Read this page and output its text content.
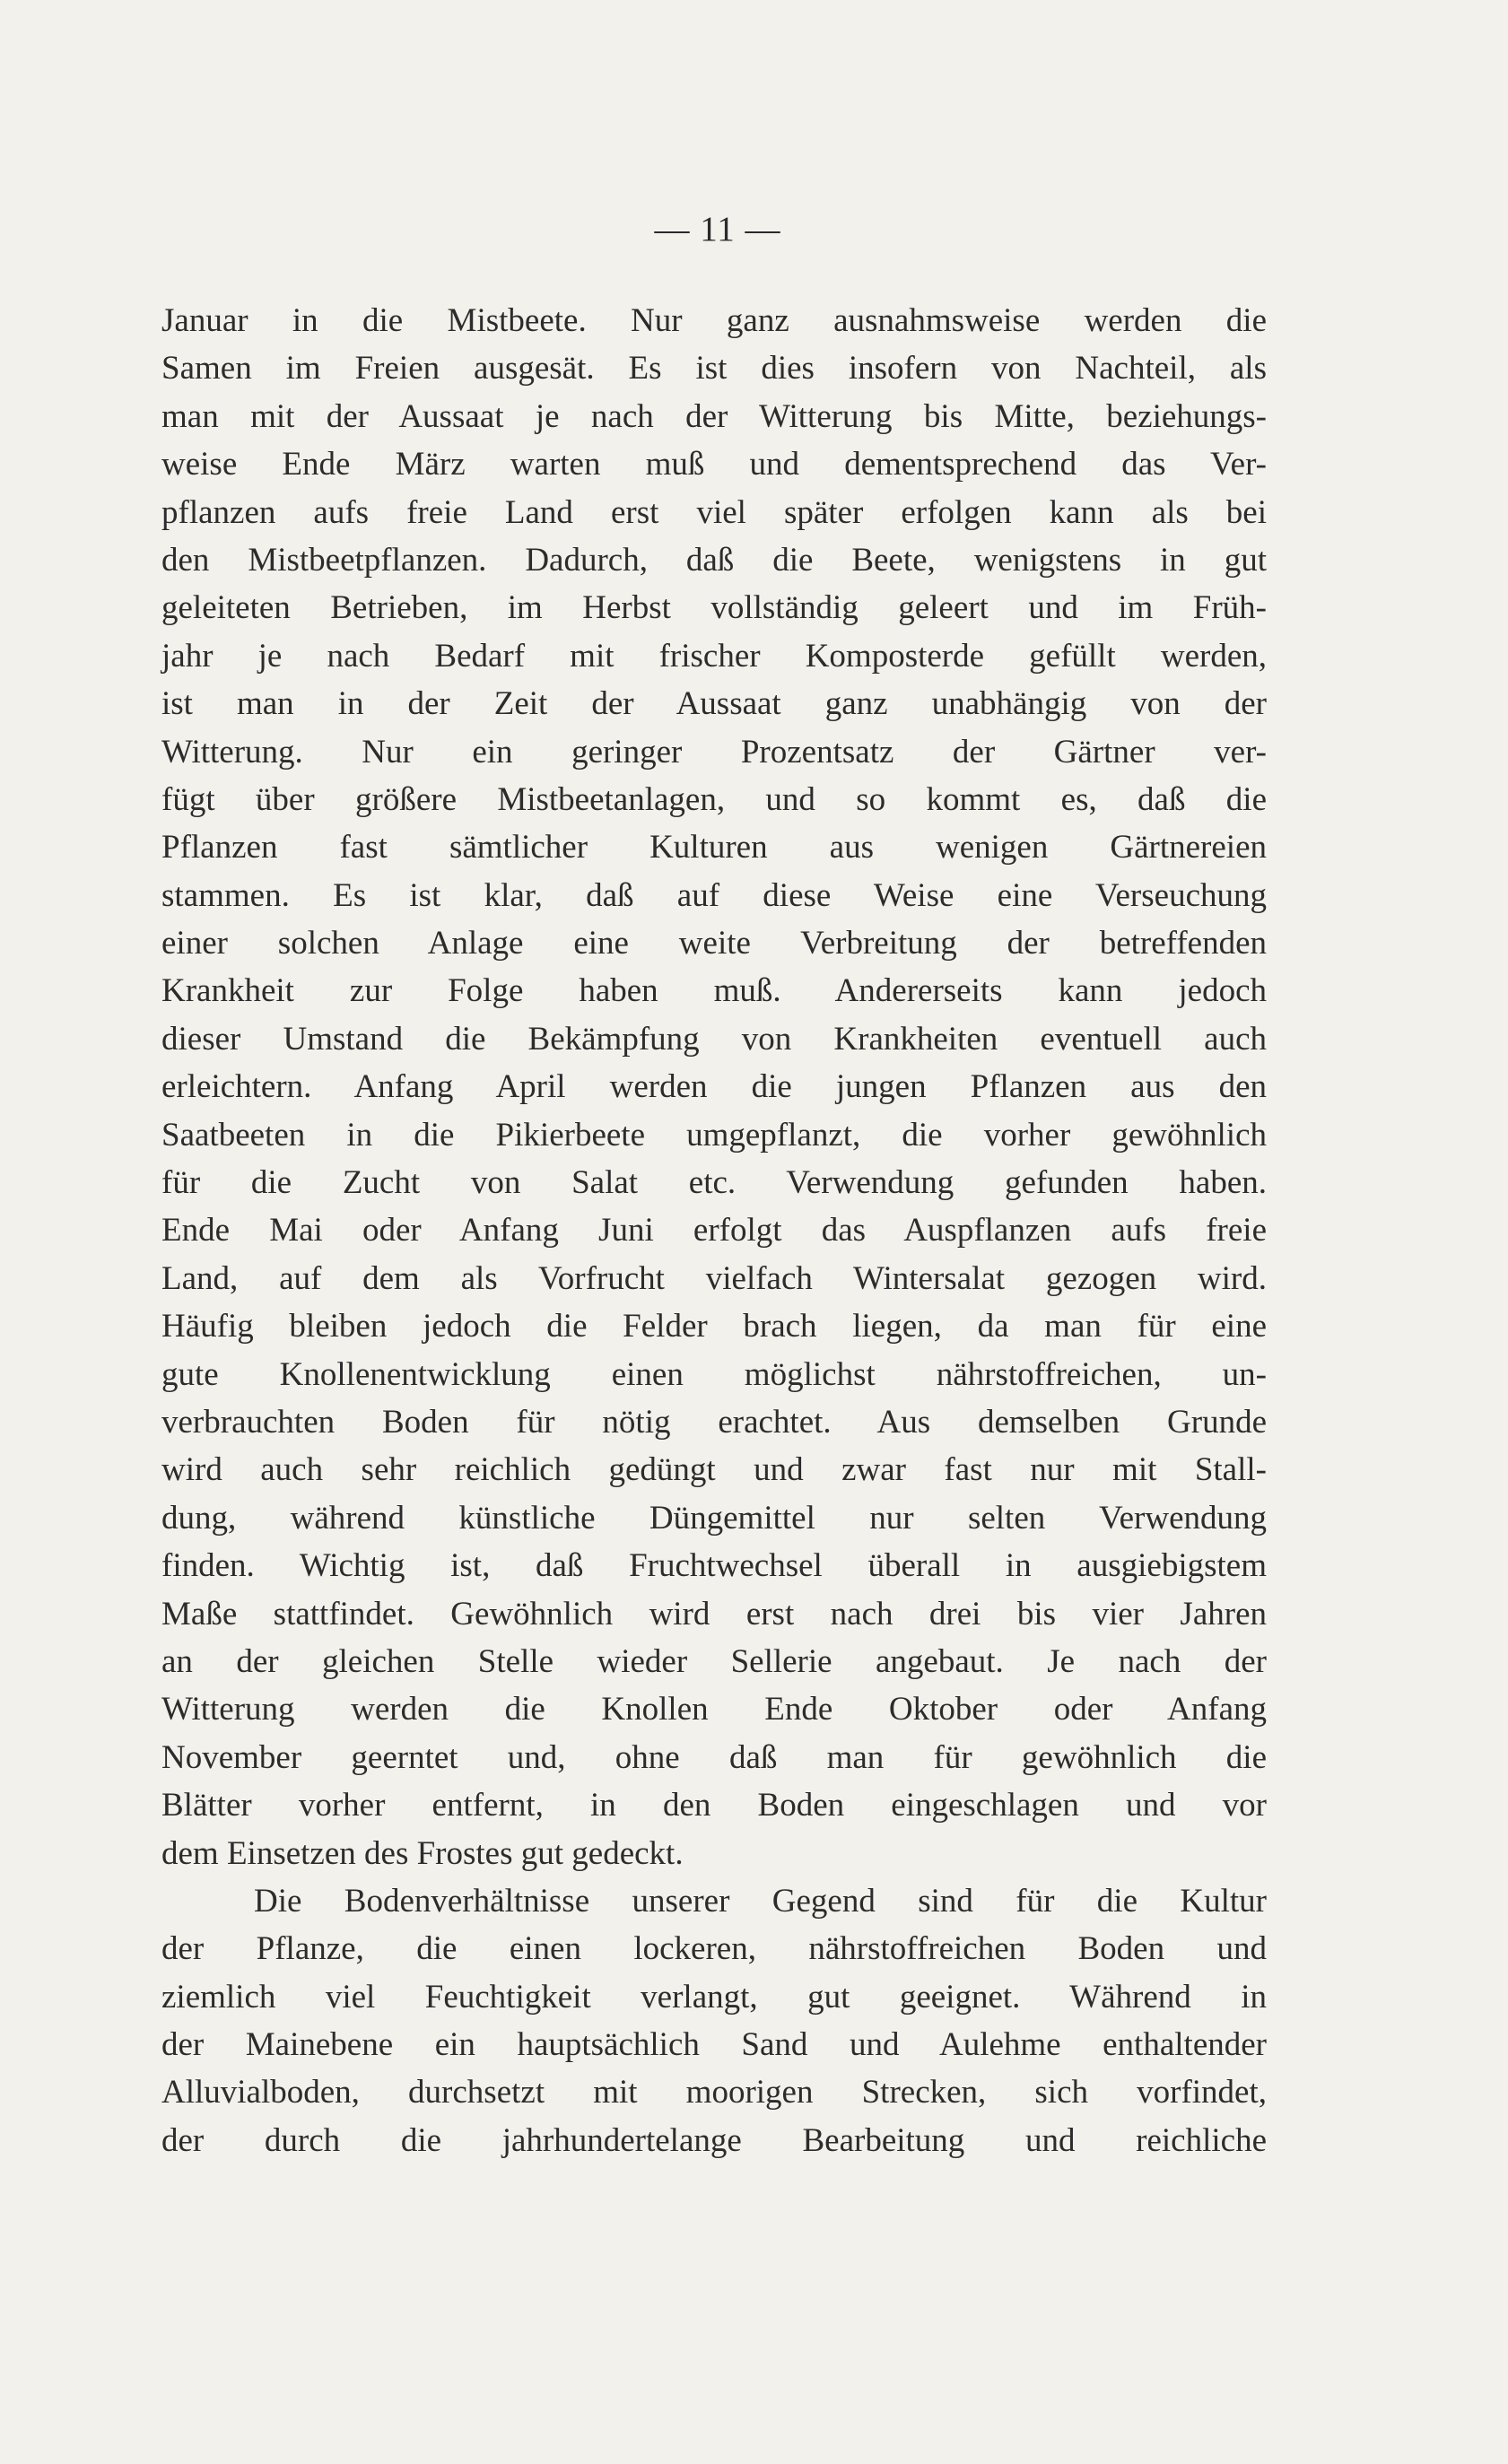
— 11 —
Januar in die Mistbeete. Nur ganz ausnahmsweise werden die
Samen im Freien ausgesät. Es ist dies insofern von Nachteil, als
man mit der Aussaat je nach der Witterung bis Mitte, beziehungs-
weise Ende März warten muß und dementsprechend das Ver-
pflanzen aufs freie Land erst viel später erfolgen kann als bei
den Mistbeetpflanzen. Dadurch, daß die Beete, wenigstens in gut
geleiteten Betrieben, im Herbst vollständig geleert und im Früh-
jahr je nach Bedarf mit frischer Komposterde gefüllt werden,
ist man in der Zeit der Aussaat ganz unabhängig von der
Witterung. Nur ein geringer Prozentsatz der Gärtner ver-
fügt über größere Mistbeetanlagen, und so kommt es, daß die
Pflanzen fast sämtlicher Kulturen aus wenigen Gärtnereien
stammen. Es ist klar, daß auf diese Weise eine Verseuchung
einer solchen Anlage eine weite Verbreitung der betreffenden
Krankheit zur Folge haben muß. Andererseits kann jedoch
dieser Umstand die Bekämpfung von Krankheiten eventuell auch
erleichtern. Anfang April werden die jungen Pflanzen aus den
Saatbeeten in die Pikierbeete umgepflanzt, die vorher gewöhnlich
für die Zucht von Salat etc. Verwendung gefunden haben.
Ende Mai oder Anfang Juni erfolgt das Auspflanzen aufs freie
Land, auf dem als Vorfrucht vielfach Wintersalat gezogen wird.
Häufig bleiben jedoch die Felder brach liegen, da man für eine
gute Knollenentwicklung einen möglichst nährstoffreichen, un-
verbrauchten Boden für nötig erachtet. Aus demselben Grunde
wird auch sehr reichlich gedüngt und zwar fast nur mit Stall-
dung, während künstliche Düngemittel nur selten Verwendung
finden. Wichtig ist, daß Fruchtwechsel überall in ausgiebigstem
Maße stattfindet. Gewöhnlich wird erst nach drei bis vier Jahren
an der gleichen Stelle wieder Sellerie angebaut. Je nach der
Witterung werden die Knollen Ende Oktober oder Anfang
November geerntet und, ohne daß man für gewöhnlich die
Blätter vorher entfernt, in den Boden eingeschlagen und vor
dem Einsetzen des Frostes gut gedeckt.
Die Bodenverhältnisse unserer Gegend sind für die Kultur
der Pflanze, die einen lockeren, nährstoffreichen Boden und
ziemlich viel Feuchtigkeit verlangt, gut geeignet. Während in
der Mainebene ein hauptsächlich Sand und Aulehme enthaltender
Alluvialboden, durchsetzt mit moorigen Strecken, sich vorfindet,
der durch die jahrhundertelange Bearbeitung und reichliche
